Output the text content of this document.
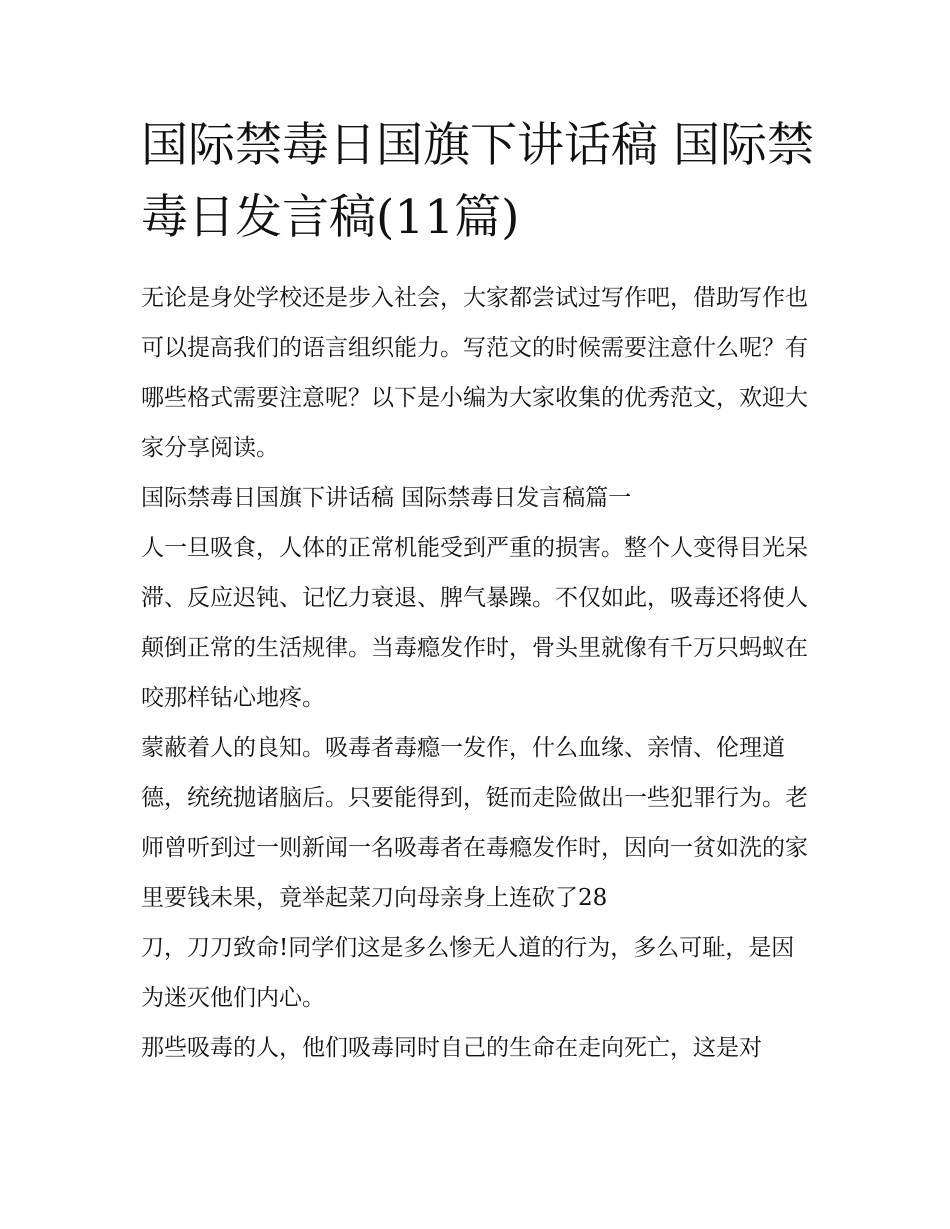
国际禁毒日国旗下讲话稿 国际禁毒日发言稿(11篇)

无论是身处学校还是步入社会，大家都尝试过写作吧，借助写作也可以提高我们的语言组织能力。写范文的时候需要注意什么呢？有哪些格式需要注意呢？以下是小编为大家收集的优秀范文，欢迎大家分享阅读。

国际禁毒日国旗下讲话稿 国际禁毒日发言稿篇一

人一旦吸食，人体的正常机能受到严重的损害。整个人变得目光呆滞、反应迟钝、记忆力衰退、脾气暴躁。不仅如此，吸毒还将使人颠倒正常的生活规律。当毒瘾发作时，骨头里就像有千万只蚂蚁在咬那样钻心地疼。

蒙蔽着人的良知。吸毒者毒瘾一发作，什么血缘、亲情、伦理道德，统统抛诸脑后。只要能得到，铤而走险做出一些犯罪行为。老师曾听到过一则新闻一名吸毒者在毒瘾发作时，因向一贫如洗的家里要钱未果，竟举起菜刀向母亲身上连砍了28

刀，刀刀致命!同学们这是多么惨无人道的行为，多么可耻，是因为迷灭他们内心。

那些吸毒的人，他们吸毒同时自己的生命在走向死亡，这是对
